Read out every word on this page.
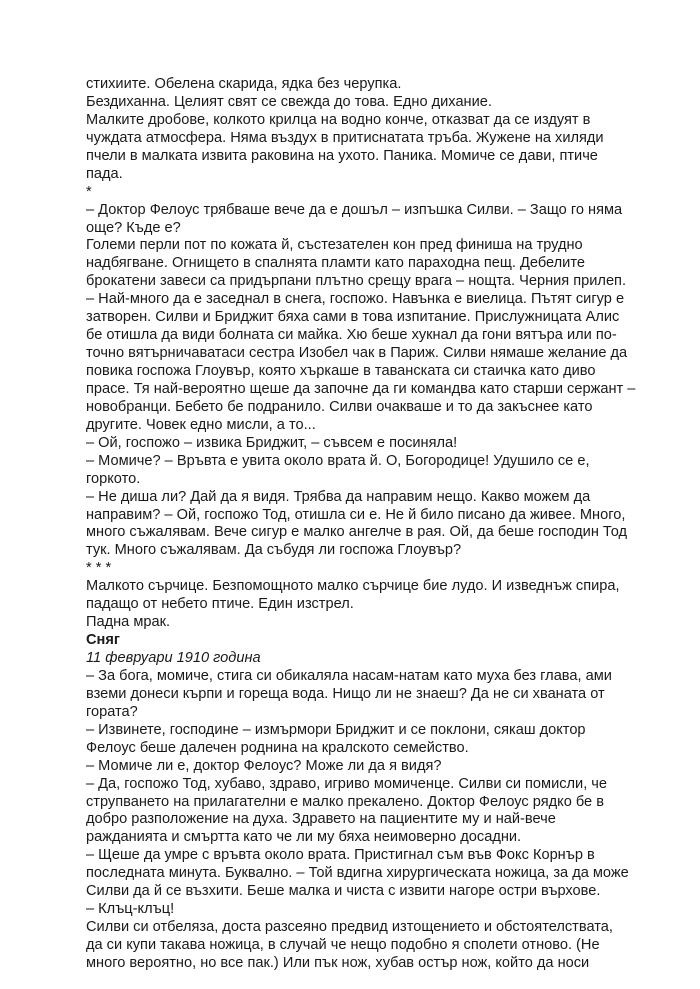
стихиите. Обелена скарида, ядка без черупка.
Бездиханна. Целият свят се свежда до това. Едно дихание.
Малките дробове, колкото крилца на водно конче, отказват да се издуят в
чуждата атмосфера. Няма въздух в притиснатата тръба. Жужене на хиляди
пчели в малката извита раковина на ухото. Паника. Момиче се дави, птиче
пада.
*
– Доктор Фелоус трябваше вече да е дошъл – изпъшка Силви. – Защо го няма
още? Къде е?
Големи перли пот по кожата й, състезателен кон пред финиша на трудно
надбягване. Огнището в спалнята пламти като параходна пещ. Дебелите
брокатени завеси са придърпани плътно срещу врага – нощта. Черния прилеп.
– Най-много да е заседнал в снега, госпожо. Навънка е виелица. Пътят сигур е
затворен. Силви и Бриджит бяха сами в това изпитание. Прислужницата Алис
бе отишла да види болната си майка. Хю беше хукнал да гони вятъра или по-
точно вятърничаватаси сестра Изобел чак в Париж. Силви нямаше желание да
повика госпожа Глоувър, която хъркаше в таванската си стаичка като диво
прасе. Тя най-вероятно щеше да започне да ги командва като старши сержант –
новобранци. Бебето бе подранило. Силви очакваше и то да закъснее като
другите. Човек едно мисли, а то...
– Ой, госпожо – извика Бриджит, – съвсем е посиняла!
– Момиче? – Връвта е увита около врата й. О, Богородице! Удушило се е,
горкото.
– Не диша ли? Дай да я видя. Трябва да направим нещо. Какво можем да
направим? – Ой, госпожо Тод, отишла си е. Не й било писано да живее. Много,
много съжалявам. Вече сигур е малко ангелче в рая. Ой, да беше господин Тод
тук. Много съжалявам. Да събудя ли госпожа Глоувър?
* * *
Малкото сърчице. Безпомощното малко сърчице бие лудо. И изведнъж спира,
падащо от небето птиче. Един изстрел.
Падна мрак.
Сняг
11 февруари 1910 година
– За бога, момиче, стига си обикаляла насам-натам като муха без глава, ами
вземи донеси кърпи и гореща вода. Нищо ли не знаеш? Да не си хваната от
гората?
– Извинете, господине – измърмори Бриджит и се поклони, сякаш доктор
Фелоус беше далечен роднина на кралското семейство.
– Момиче ли е, доктор Фелоус? Може ли да я видя?
– Да, госпожо Тод, хубаво, здраво, игриво момиченце. Силви си помисли, че
струпването на прилагателни е малко прекалено. Доктор Фелоус рядко бе в
добро разположение на духа. Здравето на пациентите му и най-вече
ражданията и смъртта като че ли му бяха неимоверно досадни.
– Щеше да умре с връвта около врата. Пристигнал съм във Фокс Корнър в
последната минута. Буквално. – Той вдигна хирургическата ножица, за да може
Силви да й се възхити. Беше малка и чиста с извити нагоре остри върхове.
– Клъц-клъц!
Силви си отбеляза, доста разсеяно предвид изтощението и обстоятелствата,
да си купи такава ножица, в случай че нещо подобно я сполети отново. (Не
много вероятно, но все пак.) Или пък нож, хубав остър нож, който да носи
